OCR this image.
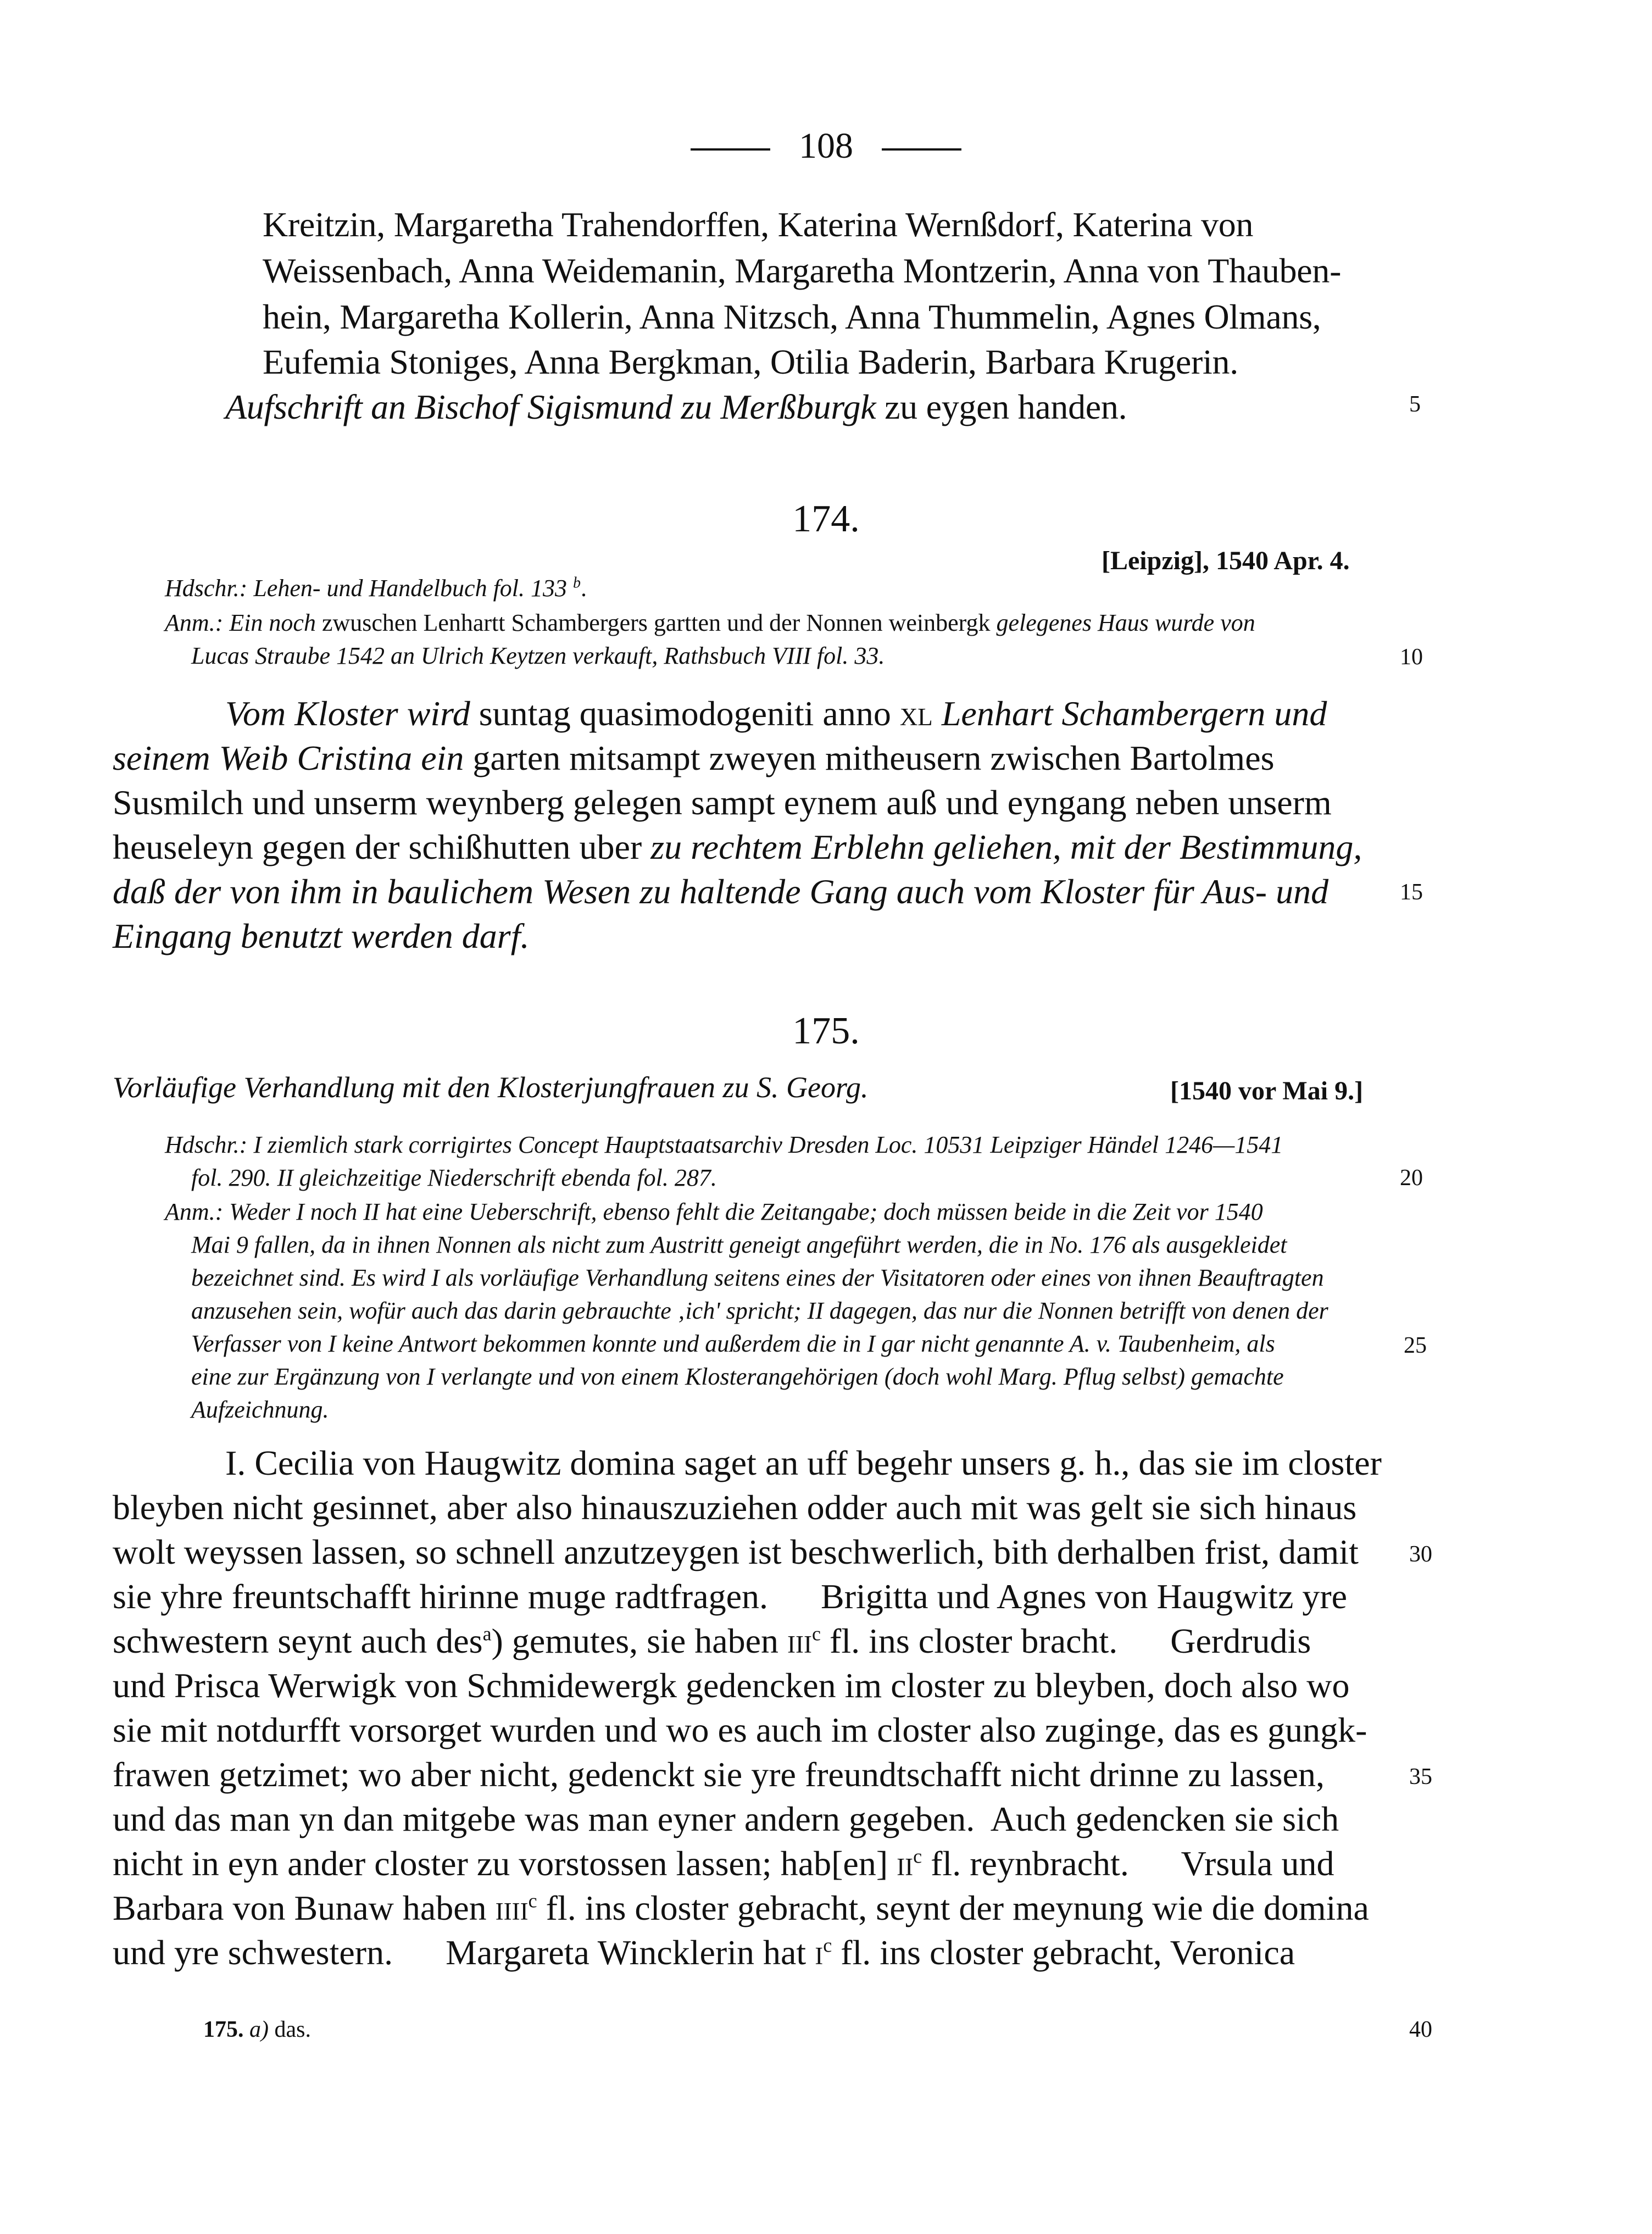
108
Kreitzin, Margaretha Trahendorffen, Katerina Wernßdorf, Katerina von
Weissenbach, Anna Weidemanin, Margaretha Montzerin, Anna von Thauben-
hein, Margaretha Kollerin, Anna Nitzsch, Anna Thummelin, Agnes Olmans,
Eufemia Stoniges, Anna Bergkman, Otilia Baderin, Barbara Krugerin.
Aufschrift an Bischof Sigismund zu Merßburgk zu eygen handen.	5
174.
[Leipzig], 1540 Apr. 4.
Hdschr.: Lehen- und Handelbuch fol. 133 $^b$.
Anm.: Ein noch zwuschen Lenhartt Schambergers gartten und der Nonnen weinbergk gelegenes Haus wurde von
Lucas Straube 1542 an Ulrich Keytzen verkauft, Rathsbuch VIII fol. 33.	10
Vom Kloster wird suntag quasimodogeniti anno xl Lenhart Schambergern und
seinem Weib Cristina ein garten mitsampt zweyen mitheusern zwischen Bartolmes
Susmilch und unserm weynberg gelegen sampt eynem auß und eyngang neben unserm
heuseleyn gegen der schißhutten uber zu rechtem Erblehn geliehen, mit der Bestimmung,
daß der von ihm in baulichem Wesen zu haltende Gang auch vom Kloster für Aus- und	15
Eingang benutzt werden darf.
175.
Vorläufige Verhandlung mit den Klosterjungfrauen zu S. Georg.	[1540 vor Mai 9.]
Hdschr.: I ziemlich stark corrigirtes Concept Hauptstaatsarchiv Dresden Loc. 10531 Leipziger Händel 1246—1541
fol. 290. II gleichzeitige Niederschrift ebenda fol. 287.	20
Anm.: Weder I noch II hat eine Ueberschrift, ebenso fehlt die Zeitangabe; doch müssen beide in die Zeit vor 1540
Mai 9 fallen, da in ihnen Nonnen als nicht zum Austritt geneigt angeführt werden, die in No. 176 als ausgekleidet
bezeichnet sind. Es wird I als vorläufige Verhandlung seitens eines der Visitatoren oder eines von ihnen Beauftragten
anzusehen sein, wofür auch das darin gebrauchte ‚ich' spricht; II dagegen, das nur die Nonnen betrifft von denen der
Verfasser von I keine Antwort bekommen konnte und außerdem die in I gar nicht genannte A. v. Taubenheim, als	25
eine zur Ergänzung von I verlangte und von einem Klosterangehörigen (doch wohl Marg. Pflug selbst) gemachte
Aufzeichnung.
I. Cecilia von Haugwitz domina saget an uff begehr unsers g. h., das sie im closter
bleyben nicht gesinnet, aber also hinauszuziehen odder auch mit was gelt sie sich hinaus
wolt weyssen lassen, so schnell anzutzeygen ist beschwerlich, bith derhalben frist, damit 30
sie yhre freuntschafft hirinne muge radtfragen.      Brigitta und Agnes von Haugwitz yre
schwestern seynt auch des$^a$) gemutes, sie haben iii$^c$ fl. ins closter bracht.      Gerdrudis
und Prisca Werwigk von Schmidewergk gedencken im closter zu bleyben, doch also wo
sie mit notdurfft vorsorget wurden und wo es auch im closter also zuginge, das es gungk-
frawen getzimet; wo aber nicht, gedenckt sie yre freundtschafft nicht drinne zu lassen,	35
und das man yn dan mitgebe was man eyner andern gegeben.  Auch gedencken sie sich
nicht in eyn ander closter zu vorstossen lassen; hab[en] $ii^c$ fl. reynbracht.      Vrsula und
Barbara von Bunaw haben iiii$^c$ fl. ins closter gebracht, seynt der meynung wie die domina
und yre schwestern.      Margareta Wincklerin hat $i^c$ fl. ins closter gebracht, Veronica
175. a) das.	40
